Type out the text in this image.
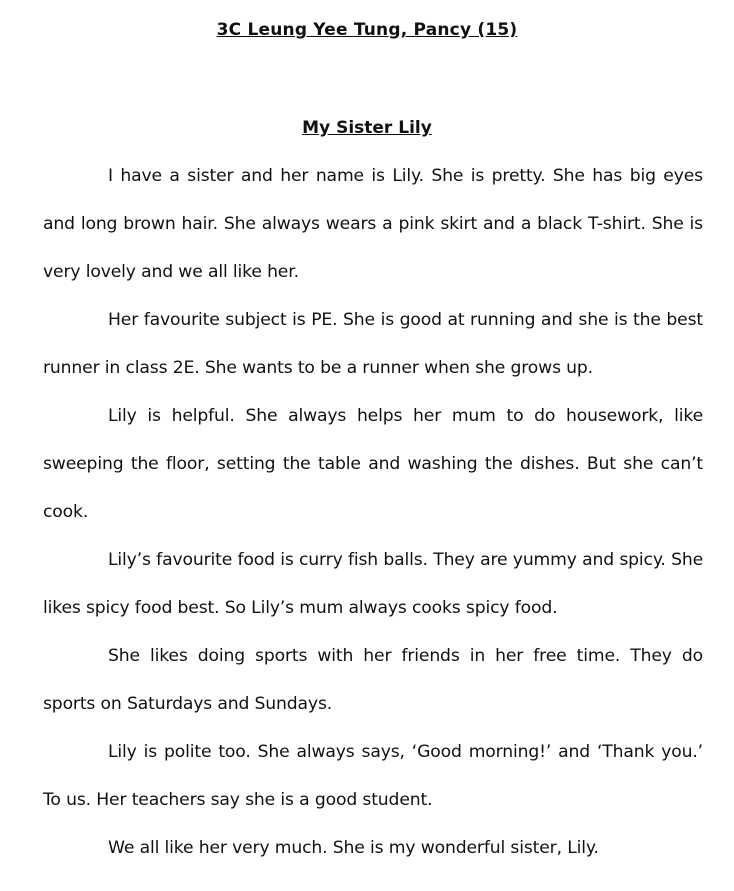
3C Leung Yee Tung, Pancy (15)
My Sister Lily

I have a sister and her name is Lily. She is pretty. She has big eyes and long brown hair. She always wears a pink skirt and a black T-shirt. She is very lovely and we all like her.

Her favourite subject is PE. She is good at running and she is the best runner in class 2E. She wants to be a runner when she grows up.

Lily is helpful. She always helps her mum to do housework, like sweeping the floor, setting the table and washing the dishes. But she can’t cook.

Lily’s favourite food is curry fish balls. They are yummy and spicy. She likes spicy food best. So Lily’s mum always cooks spicy food.

She likes doing sports with her friends in her free time. They do sports on Saturdays and Sundays.

Lily is polite too. She always says, ‘Good morning!’ and ‘Thank you.’ To us. Her teachers say she is a good student.

We all like her very much. She is my wonderful sister, Lily.
